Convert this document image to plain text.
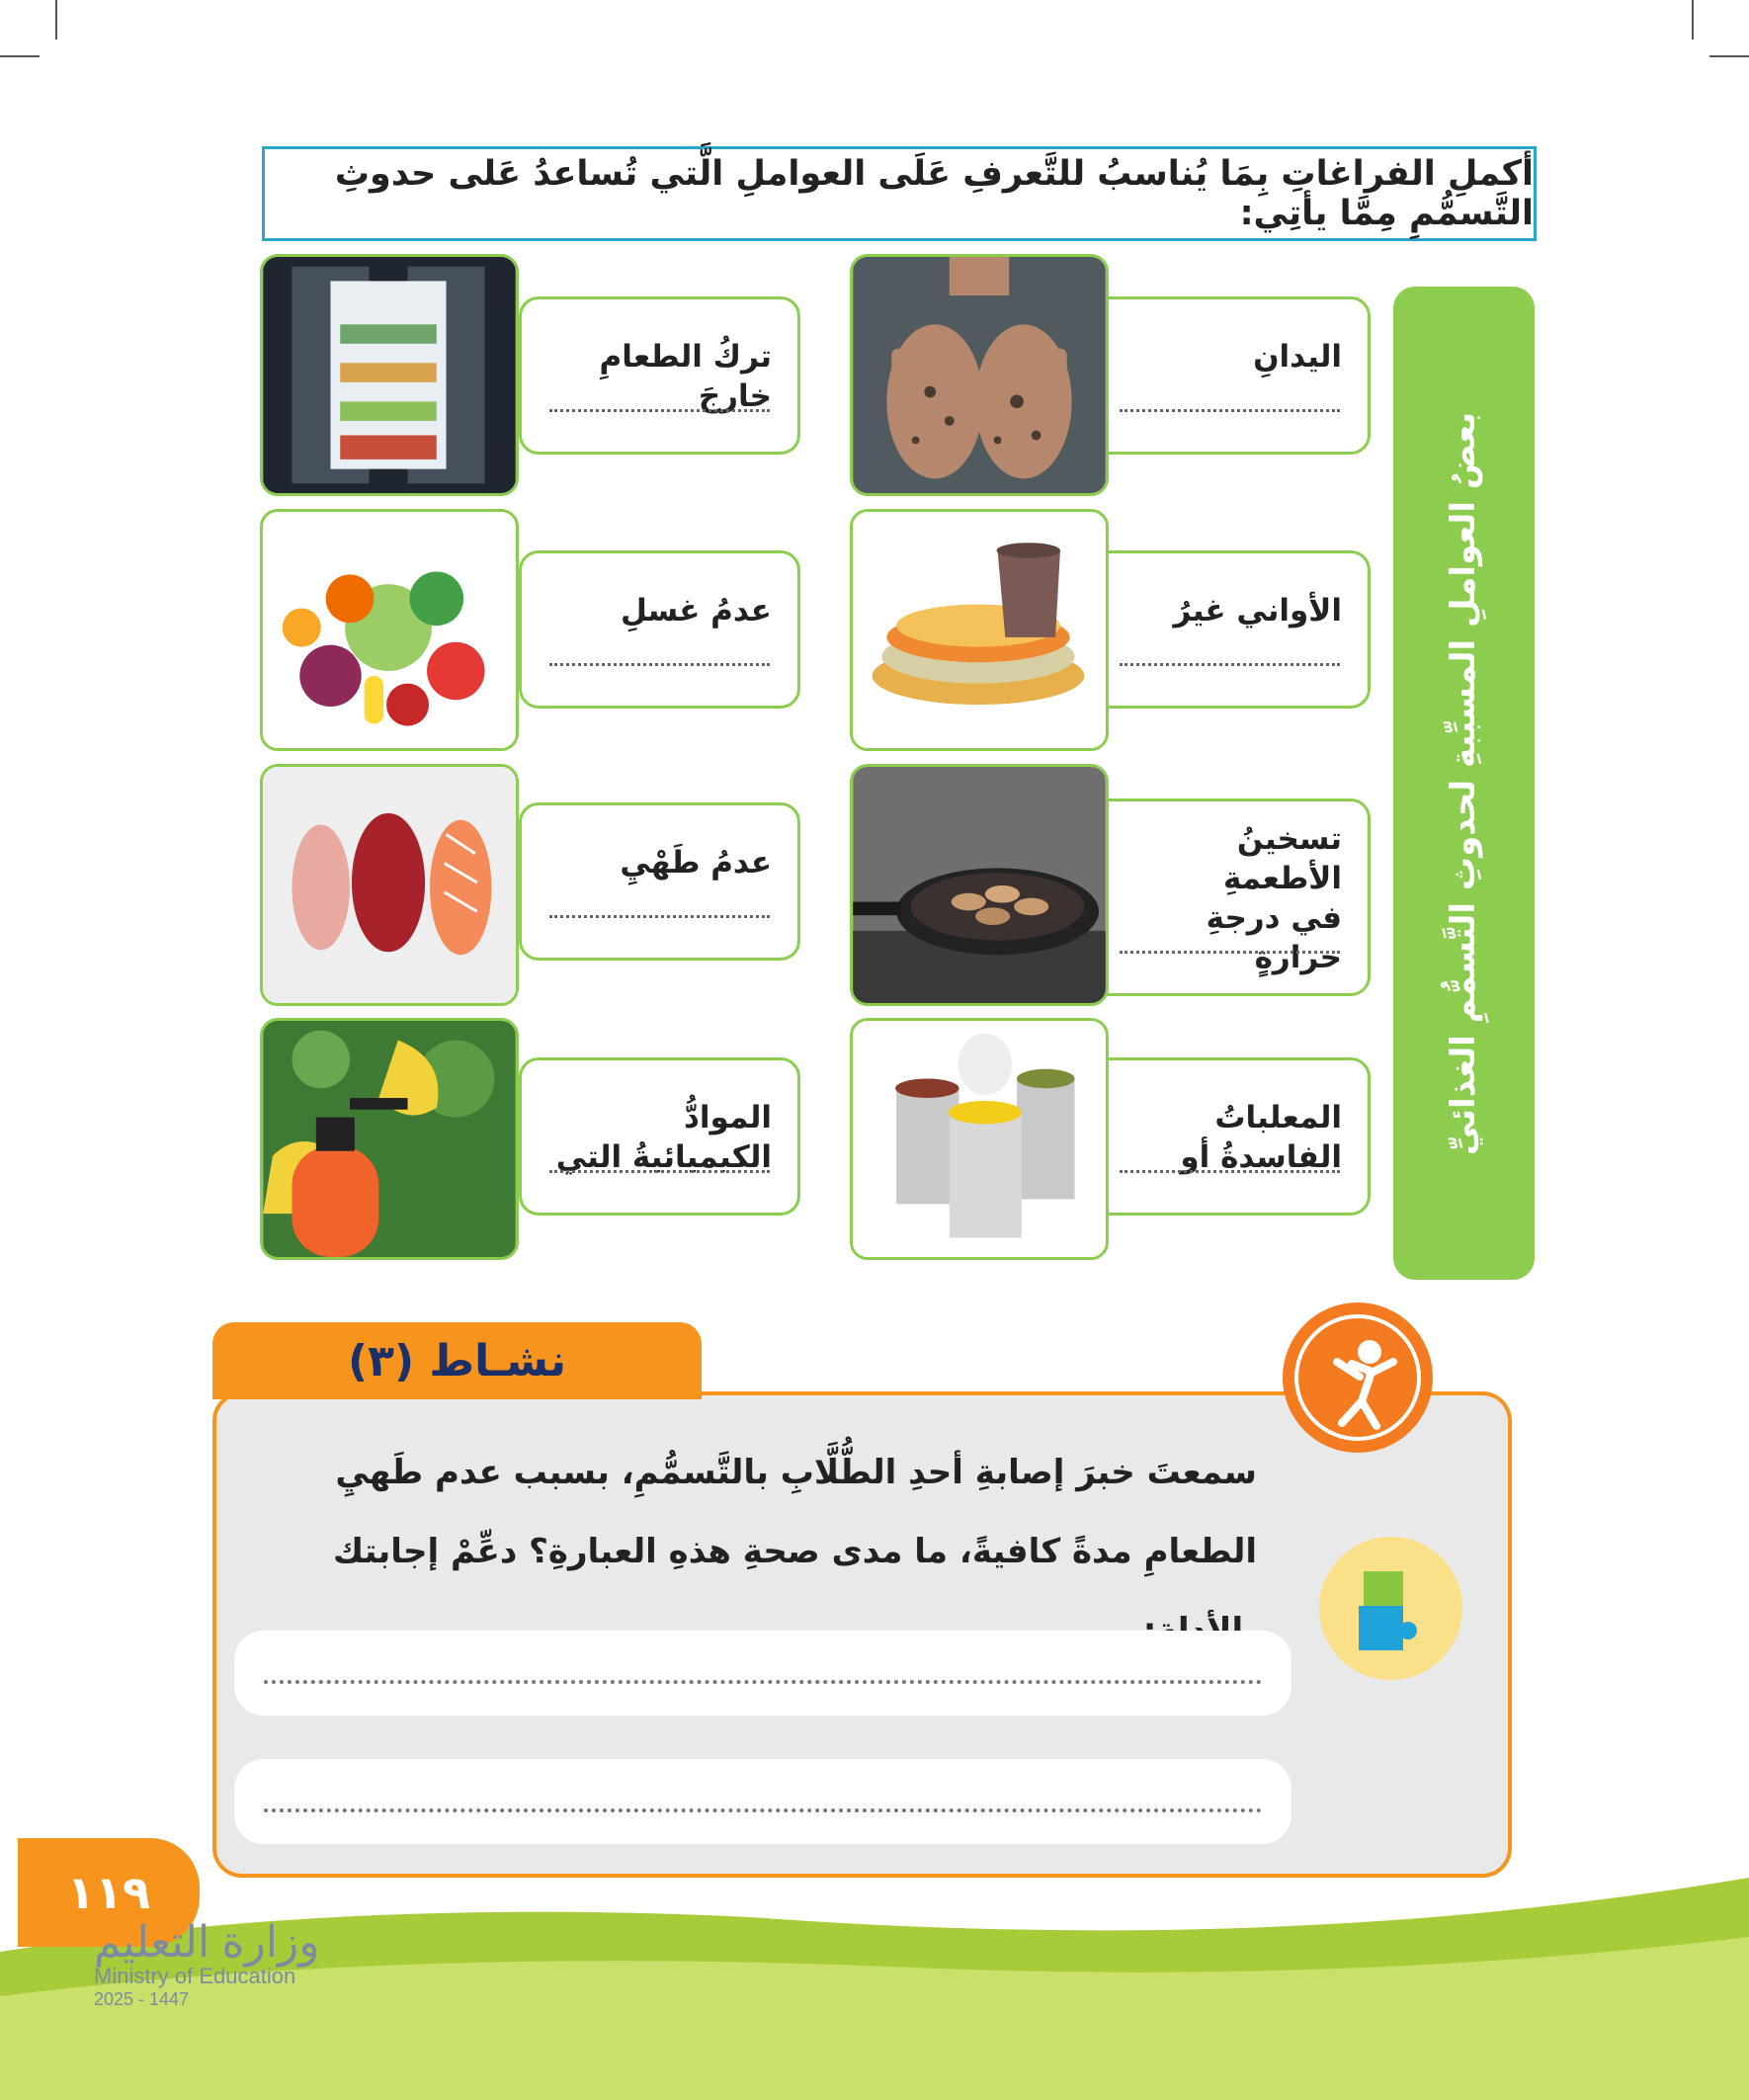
أكملِ الفراغاتِ بِمَا يُناسبُ للتَّعرفِ عَلَى العواملِ الَّتي تُساعدُ عَلى حدوثِ التَّسمُّمِ مِمَّا يأتِي:
بعضُ العواملِ المسبِّبةِ لحدوثِ التَّسمُّمِ الغذائيِّ
اليدانِ
الأواني غيرُ
تسخينُ الأطعمةِ
في درجةِ حرارةٍ
المعلباتُ الفاسدةُ أو
تركُ الطعامِ خارجَ
عدمُ غسلِ
عدمُ طَهْيِ
الموادُّ الكيميائيةُ التي
نشـاط (٣)
سمعتَ خبرَ إصابةِ أحدِ الطُّلَّابِ بالتَّسمُّمِ، بسبب عدم طَهيِ الطعامِ مدةً كافيةً، ما مدى صحةِ هذهِ العبارةِ؟ دعِّمْ إجابتك
١١٩
وزارة التعليم
Ministry of Education
2025 - 1447
